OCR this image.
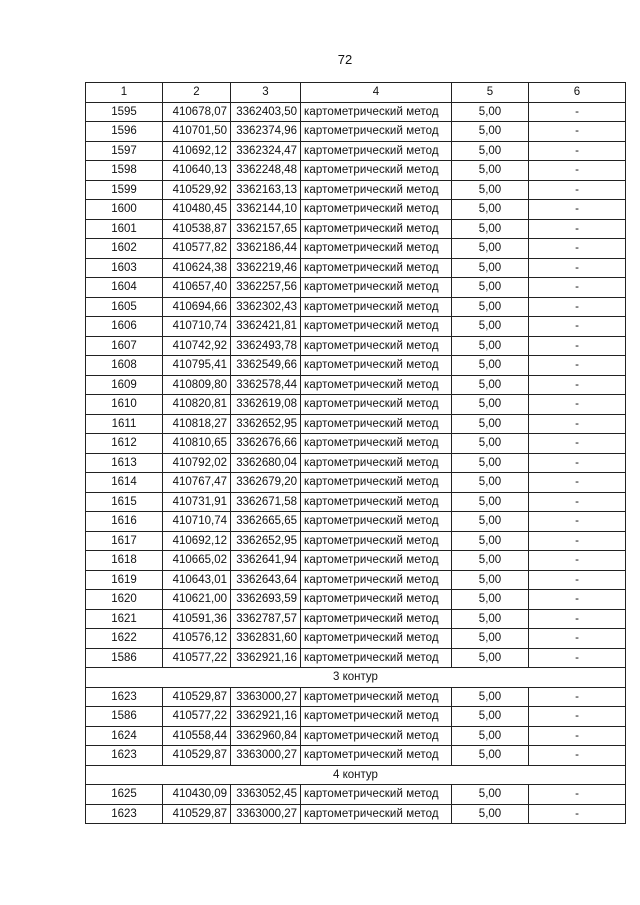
72
1	2	3	4	5	6
1595	410678,07	3362403,50	картометрический метод	5,00	-
1596	410701,50	3362374,96	картометрический метод	5,00	-
1597	410692,12	3362324,47	картометрический метод	5,00	-
1598	410640,13	3362248,48	картометрический метод	5,00	-
1599	410529,92	3362163,13	картометрический метод	5,00	-
1600	410480,45	3362144,10	картометрический метод	5,00	-
1601	410538,87	3362157,65	картометрический метод	5,00	-
1602	410577,82	3362186,44	картометрический метод	5,00	-
1603	410624,38	3362219,46	картометрический метод	5,00	-
1604	410657,40	3362257,56	картометрический метод	5,00	-
1605	410694,66	3362302,43	картометрический метод	5,00	-
1606	410710,74	3362421,81	картометрический метод	5,00	-
1607	410742,92	3362493,78	картометрический метод	5,00	-
1608	410795,41	3362549,66	картометрический метод	5,00	-
1609	410809,80	3362578,44	картометрический метод	5,00	-
1610	410820,81	3362619,08	картометрический метод	5,00	-
1611	410818,27	3362652,95	картометрический метод	5,00	-
1612	410810,65	3362676,66	картометрический метод	5,00	-
1613	410792,02	3362680,04	картометрический метод	5,00	-
1614	410767,47	3362679,20	картометрический метод	5,00	-
1615	410731,91	3362671,58	картометрический метод	5,00	-
1616	410710,74	3362665,65	картометрический метод	5,00	-
1617	410692,12	3362652,95	картометрический метод	5,00	-
1618	410665,02	3362641,94	картометрический метод	5,00	-
1619	410643,01	3362643,64	картометрический метод	5,00	-
1620	410621,00	3362693,59	картометрический метод	5,00	-
1621	410591,36	3362787,57	картометрический метод	5,00	-
1622	410576,12	3362831,60	картометрический метод	5,00	-
1586	410577,22	3362921,16	картометрический метод	5,00	-
3 контур					
1623	410529,87	3363000,27	картометрический метод	5,00	-
1586	410577,22	3362921,16	картометрический метод	5,00	-
1624	410558,44	3362960,84	картометрический метод	5,00	-
1623	410529,87	3363000,27	картометрический метод	5,00	-
4 контур					
1625	410430,09	3363052,45	картометрический метод	5,00	-
1623	410529,87	3363000,27	картометрический метод	5,00	-
